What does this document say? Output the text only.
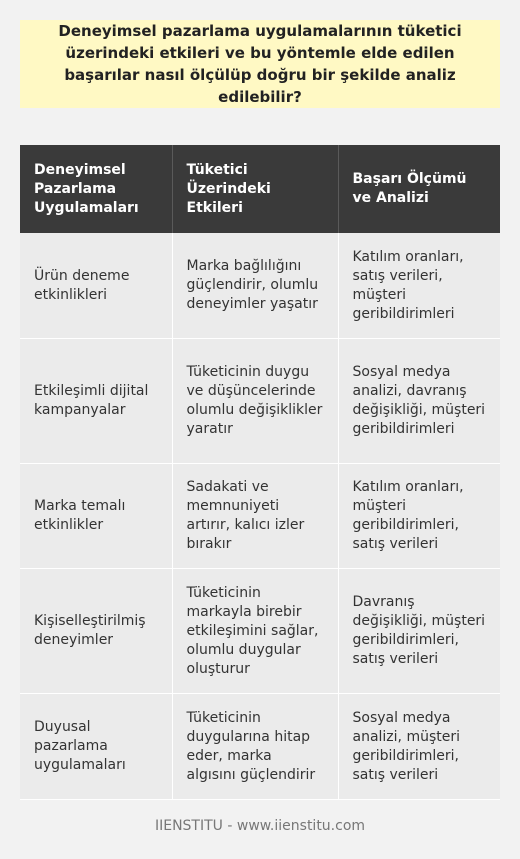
Deneyimsel pazarlama uygulamalarının tüketici üzerindeki etkileri ve bu yöntemle elde edilen başarılar nasıl ölçülüp doğru bir şekilde analiz edilebilir?
Deneyimsel Pazarlama Uygulamaları	Tüketici Üzerindeki Etkileri	Başarı Ölçümü ve Analizi
Ürün deneme etkinlikleri	Marka bağlılığını güçlendirir, olumlu deneyimler yaşatır	Katılım oranları, satış verileri, müşteri geribildirimleri
Etkileşimli dijital kampanyalar	Tüketicinin duygu ve düşüncelerinde olumlu değişiklikler yaratır	Sosyal medya analizi, davranış değişikliği, müşteri geribildirimleri
Marka temalı etkinlikler	Sadakati ve memnuniyeti artırır, kalıcı izler bırakır	Katılım oranları, müşteri geribildirimleri, satış verileri
Kişiselleştirilmiş deneyimler	Tüketicinin markayla birebir etkileşimini sağlar, olumlu duygular oluşturur	Davranış değişikliği, müşteri geribildirimleri, satış verileri
Duyusal pazarlama uygulamaları	Tüketicinin duygularına hitap eder, marka algısını güçlendirir	Sosyal medya analizi, müşteri geribildirimleri, satış verileri
IIENSTITU - www.iienstitu.com
